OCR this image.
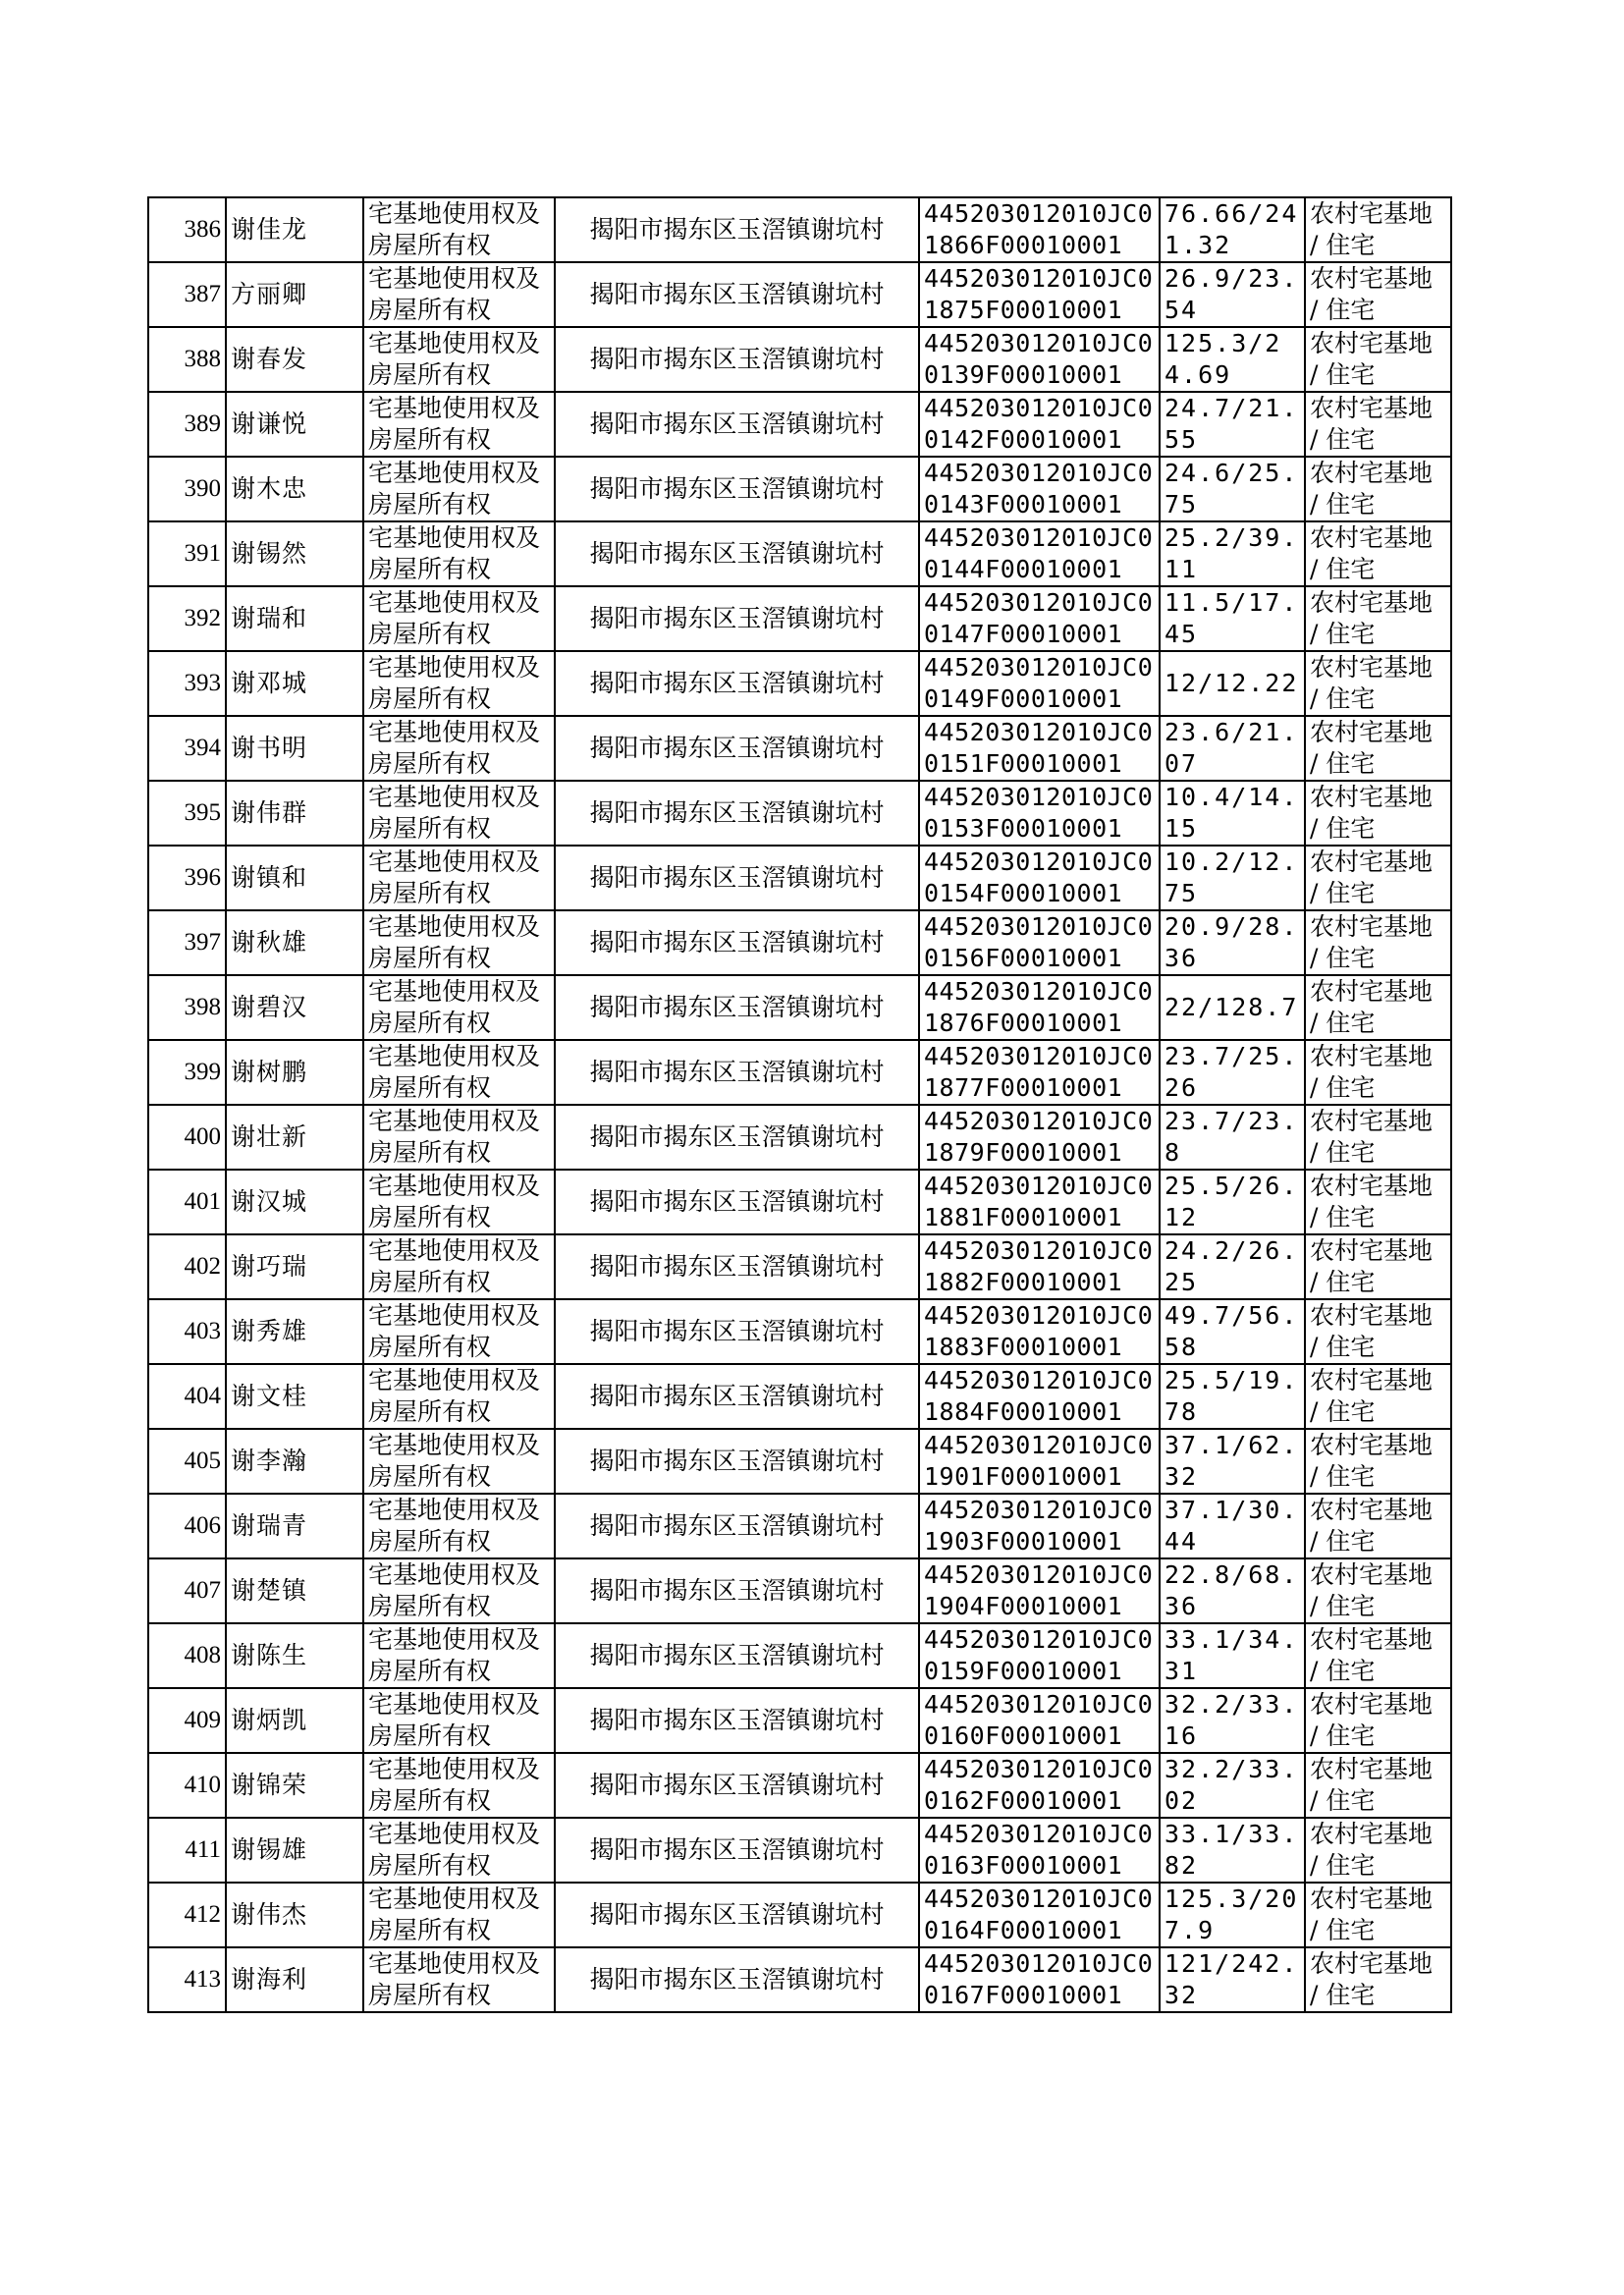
386	谢佳龙	宅基地使用权及房屋所有权	揭阳市揭东区玉滘镇谢坑村	445203012010JC01866F00010001	76.66/241.32	农村宅基地 / 住宅
387	方丽卿	宅基地使用权及房屋所有权	揭阳市揭东区玉滘镇谢坑村	445203012010JC01875F00010001	26.9/23.54	农村宅基地 / 住宅
388	谢春发	宅基地使用权及房屋所有权	揭阳市揭东区玉滘镇谢坑村	445203012010JC00139F00010001	125.3/24.69	农村宅基地 / 住宅
389	谢谦悦	宅基地使用权及房屋所有权	揭阳市揭东区玉滘镇谢坑村	445203012010JC00142F00010001	24.7/21.55	农村宅基地 / 住宅
390	谢木忠	宅基地使用权及房屋所有权	揭阳市揭东区玉滘镇谢坑村	445203012010JC00143F00010001	24.6/25.75	农村宅基地 / 住宅
391	谢锡然	宅基地使用权及房屋所有权	揭阳市揭东区玉滘镇谢坑村	445203012010JC00144F00010001	25.2/39.11	农村宅基地 / 住宅
392	谢瑞和	宅基地使用权及房屋所有权	揭阳市揭东区玉滘镇谢坑村	445203012010JC00147F00010001	11.5/17.45	农村宅基地 / 住宅
393	谢邓城	宅基地使用权及房屋所有权	揭阳市揭东区玉滘镇谢坑村	445203012010JC00149F00010001	12/12.22	农村宅基地 / 住宅
394	谢书明	宅基地使用权及房屋所有权	揭阳市揭东区玉滘镇谢坑村	445203012010JC00151F00010001	23.6/21.07	农村宅基地 / 住宅
395	谢伟群	宅基地使用权及房屋所有权	揭阳市揭东区玉滘镇谢坑村	445203012010JC00153F00010001	10.4/14.15	农村宅基地 / 住宅
396	谢镇和	宅基地使用权及房屋所有权	揭阳市揭东区玉滘镇谢坑村	445203012010JC00154F00010001	10.2/12.75	农村宅基地 / 住宅
397	谢秋雄	宅基地使用权及房屋所有权	揭阳市揭东区玉滘镇谢坑村	445203012010JC00156F00010001	20.9/28.36	农村宅基地 / 住宅
398	谢碧汉	宅基地使用权及房屋所有权	揭阳市揭东区玉滘镇谢坑村	445203012010JC01876F00010001	22/128.7	农村宅基地 / 住宅
399	谢树鹏	宅基地使用权及房屋所有权	揭阳市揭东区玉滘镇谢坑村	445203012010JC01877F00010001	23.7/25.26	农村宅基地 / 住宅
400	谢壮新	宅基地使用权及房屋所有权	揭阳市揭东区玉滘镇谢坑村	445203012010JC01879F00010001	23.7/23.8	农村宅基地 / 住宅
401	谢汉城	宅基地使用权及房屋所有权	揭阳市揭东区玉滘镇谢坑村	445203012010JC01881F00010001	25.5/26.12	农村宅基地 / 住宅
402	谢巧瑞	宅基地使用权及房屋所有权	揭阳市揭东区玉滘镇谢坑村	445203012010JC01882F00010001	24.2/26.25	农村宅基地 / 住宅
403	谢秀雄	宅基地使用权及房屋所有权	揭阳市揭东区玉滘镇谢坑村	445203012010JC01883F00010001	49.7/56.58	农村宅基地 / 住宅
404	谢文桂	宅基地使用权及房屋所有权	揭阳市揭东区玉滘镇谢坑村	445203012010JC01884F00010001	25.5/19.78	农村宅基地 / 住宅
405	谢李瀚	宅基地使用权及房屋所有权	揭阳市揭东区玉滘镇谢坑村	445203012010JC01901F00010001	37.1/62.32	农村宅基地 / 住宅
406	谢瑞青	宅基地使用权及房屋所有权	揭阳市揭东区玉滘镇谢坑村	445203012010JC01903F00010001	37.1/30.44	农村宅基地 / 住宅
407	谢楚镇	宅基地使用权及房屋所有权	揭阳市揭东区玉滘镇谢坑村	445203012010JC01904F00010001	22.8/68.36	农村宅基地 / 住宅
408	谢陈生	宅基地使用权及房屋所有权	揭阳市揭东区玉滘镇谢坑村	445203012010JC00159F00010001	33.1/34.31	农村宅基地 / 住宅
409	谢炳凯	宅基地使用权及房屋所有权	揭阳市揭东区玉滘镇谢坑村	445203012010JC00160F00010001	32.2/33.16	农村宅基地 / 住宅
410	谢锦荣	宅基地使用权及房屋所有权	揭阳市揭东区玉滘镇谢坑村	445203012010JC00162F00010001	32.2/33.02	农村宅基地 / 住宅
411	谢锡雄	宅基地使用权及房屋所有权	揭阳市揭东区玉滘镇谢坑村	445203012010JC00163F00010001	33.1/33.82	农村宅基地 / 住宅
412	谢伟杰	宅基地使用权及房屋所有权	揭阳市揭东区玉滘镇谢坑村	445203012010JC00164F00010001	125.3/207.9	农村宅基地 / 住宅
413	谢海利	宅基地使用权及房屋所有权	揭阳市揭东区玉滘镇谢坑村	445203012010JC00167F00010001	121/242.32	农村宅基地 / 住宅
